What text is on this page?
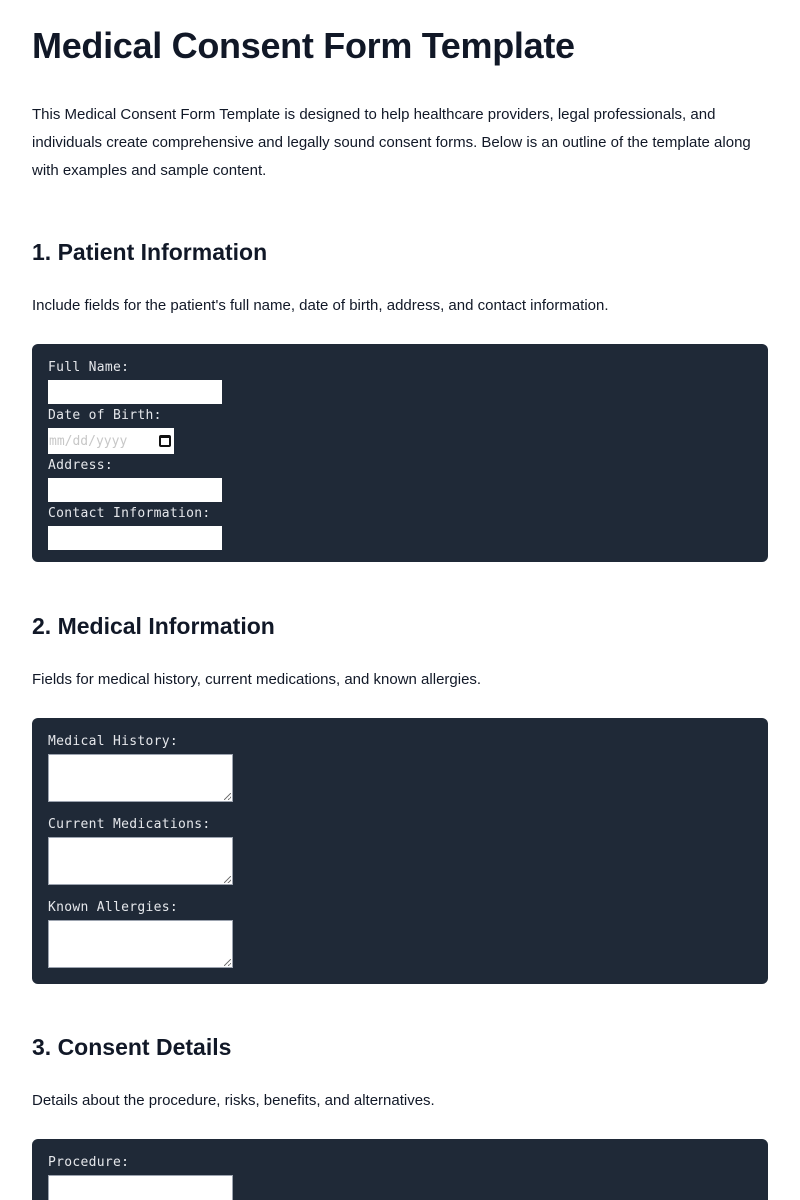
Medical Consent Form Template

This Medical Consent Form Template is designed to help healthcare providers, legal professionals, and individuals create comprehensive and legally sound consent forms. Below is an outline of the template along with examples and sample content.

1. Patient Information

Include fields for the patient's full name, date of birth, address, and contact information.

Full Name:
Date of Birth:
mm/dd/yyyy
Address:
Contact Information:
2. Medical Information

Fields for medical history, current medications, and known allergies.

Medical History:
Current Medications:
Known Allergies:
3. Consent Details

Details about the procedure, risks, benefits, and alternatives.

Procedure:
